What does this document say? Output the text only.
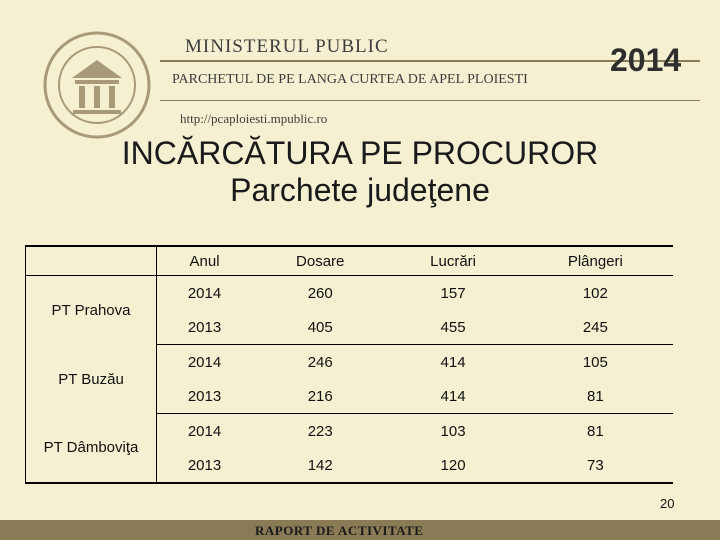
MINISTERUL PUBLIC
PARCHETUL DE PE LANGA CURTEA DE APEL PLOIESTI
http://pcaploiesti.mpublic.ro
2014
INCĂRCĂTURA PE PROCUROR
Parchete judeţene
	Anul	Dosare	Lucrări	Plângeri
PT Prahova	2014	260	157	102
	2013	405	455	245
PT Buzău	2014	246	414	105
	2013	216	414	81
PT Dâmboviţa	2014	223	103	81
	2013	142	120	73
20
RAPORT DE ACTIVITATE
